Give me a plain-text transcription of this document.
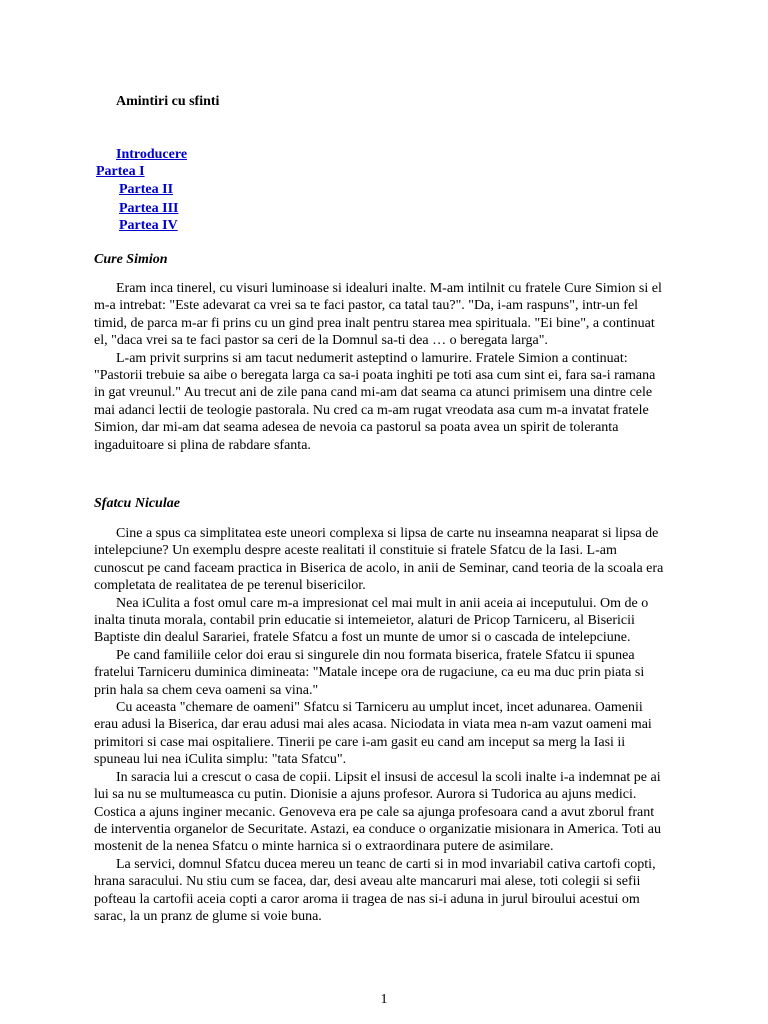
Amintiri cu sfinti
Introducere
Partea I
Partea II
Partea III
Partea IV
Cure Simion

Eram inca tinerel, cu visuri luminoase si idealuri inalte. M-am intilnit cu fratele Cure Simion si el m-a intrebat: "Este adevarat ca vrei sa te faci pastor, ca tatal tau?". "Da, i-am raspuns", intr-un fel timid, de parca m-ar fi prins cu un gind prea inalt pentru starea mea spirituala. "Ei bine", a continuat el, "daca vrei sa te faci pastor sa ceri de la Domnul sa-ti dea … o beregata larga".

L-am privit surprins si am tacut nedumerit asteptind o lamurire. Fratele Simion a continuat: "Pastorii trebuie sa aibe o beregata larga ca sa-i poata inghiti pe toti asa cum sint ei, fara sa-i ramana in gat vreunul." Au trecut ani de zile pana cand mi-am dat seama ca atunci primisem una dintre cele mai adanci lectii de teologie pastorala. Nu cred ca m-am rugat vreodata asa cum m-a invatat fratele Simion, dar mi-am dat seama adesea de nevoia ca pastorul sa poata avea un spirit de toleranta ingaduitoare si plina de rabdare sfanta.

Sfatcu Niculae

Cine a spus ca simplitatea este uneori complexa si lipsa de carte nu inseamna neaparat si lipsa de intelepciune? Un exemplu despre aceste realitati il constituie si fratele Sfatcu de la Iasi. L-am cunoscut pe cand faceam practica in Biserica de acolo, in anii de Seminar, cand teoria de la scoala era completata de realitatea de pe terenul bisericilor.

Nea iCulita a fost omul care m-a impresionat cel mai mult in anii aceia ai inceputului. Om de o inalta tinuta morala, contabil prin educatie si intemeietor, alaturi de Pricop Tarniceru, al Bisericii Baptiste din dealul Sarariei, fratele Sfatcu a fost un munte de umor si o cascada de intelepciune.

Pe cand familiile celor doi erau si singurele din nou formata biserica, fratele Sfatcu ii spunea fratelui Tarniceru duminica dimineata: "Matale incepe ora de rugaciune, ca eu ma duc prin piata si prin hala sa chem ceva oameni sa vina."

Cu aceasta "chemare de oameni" Sfatcu si Tarniceru au umplut incet, incet adunarea. Oamenii erau adusi la Biserica, dar erau adusi mai ales acasa. Niciodata in viata mea n-am vazut oameni mai primitori si case mai ospitaliere. Tinerii pe care i-am gasit eu cand am inceput sa merg la Iasi ii spuneau lui nea iCulita simplu: "tata Sfatcu".

In saracia lui a crescut o casa de copii. Lipsit el insusi de accesul la scoli inalte i-a indemnat pe ai lui sa nu se multumeasca cu putin. Dionisie a ajuns profesor. Aurora si Tudorica au ajuns medici. Costica a ajuns inginer mecanic. Genoveva era pe cale sa ajunga profesoara cand a avut zborul frant de interventia organelor de Securitate. Astazi, ea conduce o organizatie misionara in America. Toti au mostenit de la nenea Sfatcu o minte harnica si o extraordinara putere de asimilare.

La servici, domnul Sfatcu ducea mereu un teanc de carti si in mod invariabil cativa cartofi copti, hrana saracului. Nu stiu cum se facea, dar, desi aveau alte mancaruri mai alese, toti colegii si sefii pofteau la cartofii aceia copti a caror aroma ii tragea de nas si-i aduna in jurul biroului acestui om sarac, la un pranz de glume si voie buna.

1
